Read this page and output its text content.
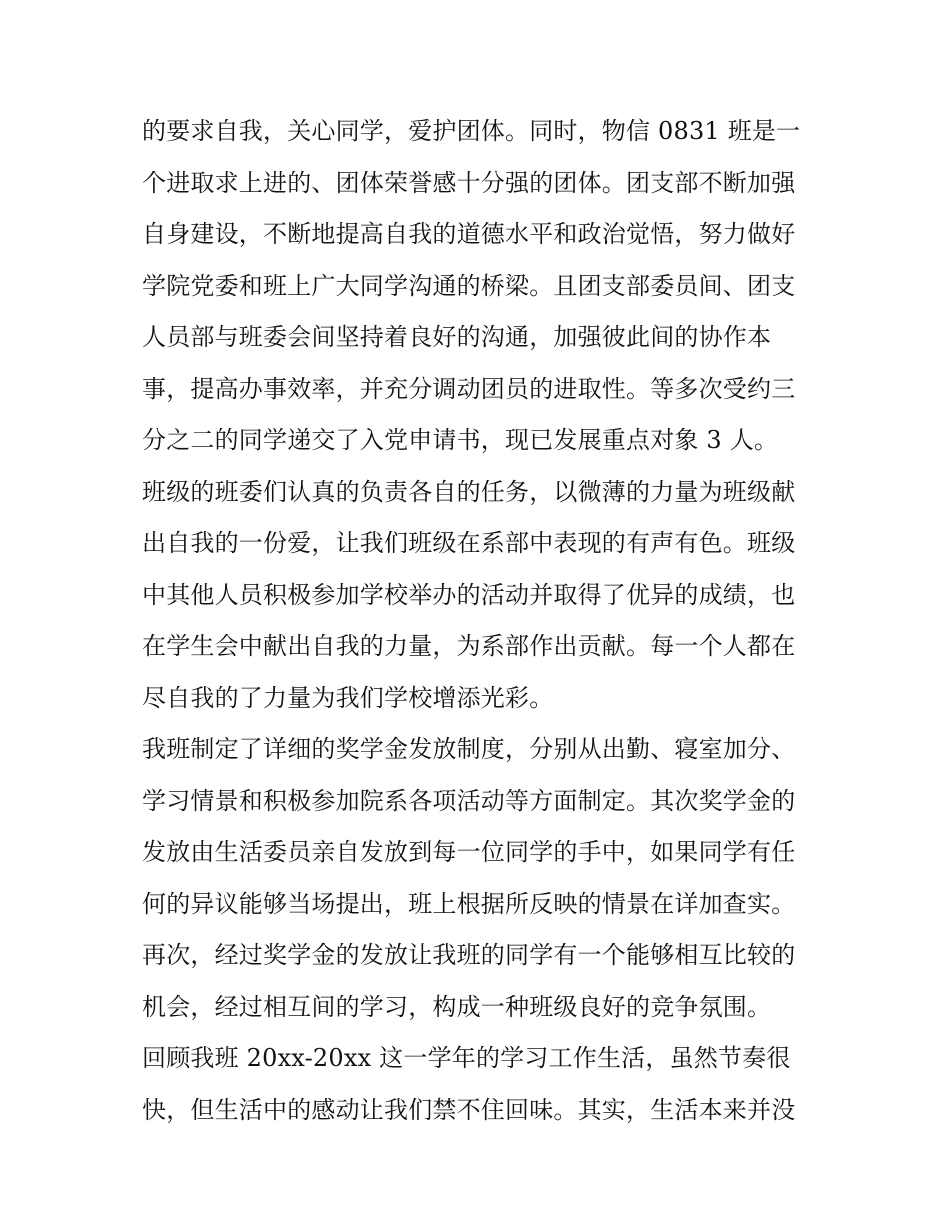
的要求自我，关心同学，爱护团体。同时，物信 0831 班是一
个进取求上进的、团体荣誉感十分强的团体。团支部不断加强
自身建设，不断地提高自我的道德水平和政治觉悟，努力做好
学院党委和班上广大同学沟通的桥梁。且团支部委员间、团支
人员部与班委会间坚持着良好的沟通，加强彼此间的协作本
事，提高办事效率，并充分调动团员的进取性。等多次受约三
分之二的同学递交了入党申请书，现已发展重点对象 3 人。
班级的班委们认真的负责各自的任务，以微薄的力量为班级献
出自我的一份爱，让我们班级在系部中表现的有声有色。班级
中其他人员积极参加学校举办的活动并取得了优异的成绩，也
在学生会中献出自我的力量，为系部作出贡献。每一个人都在
尽自我的了力量为我们学校增添光彩。
我班制定了详细的奖学金发放制度，分别从出勤、寝室加分、
学习情景和积极参加院系各项活动等方面制定。其次奖学金的
发放由生活委员亲自发放到每一位同学的手中，如果同学有任
何的异议能够当场提出，班上根据所反映的情景在详加查实。
再次，经过奖学金的发放让我班的同学有一个能够相互比较的
机会，经过相互间的学习，构成一种班级良好的竞争氛围。
回顾我班 20xx-20xx 这一学年的学习工作生活，虽然节奏很
快，但生活中的感动让我们禁不住回味。其实，生活本来并没
